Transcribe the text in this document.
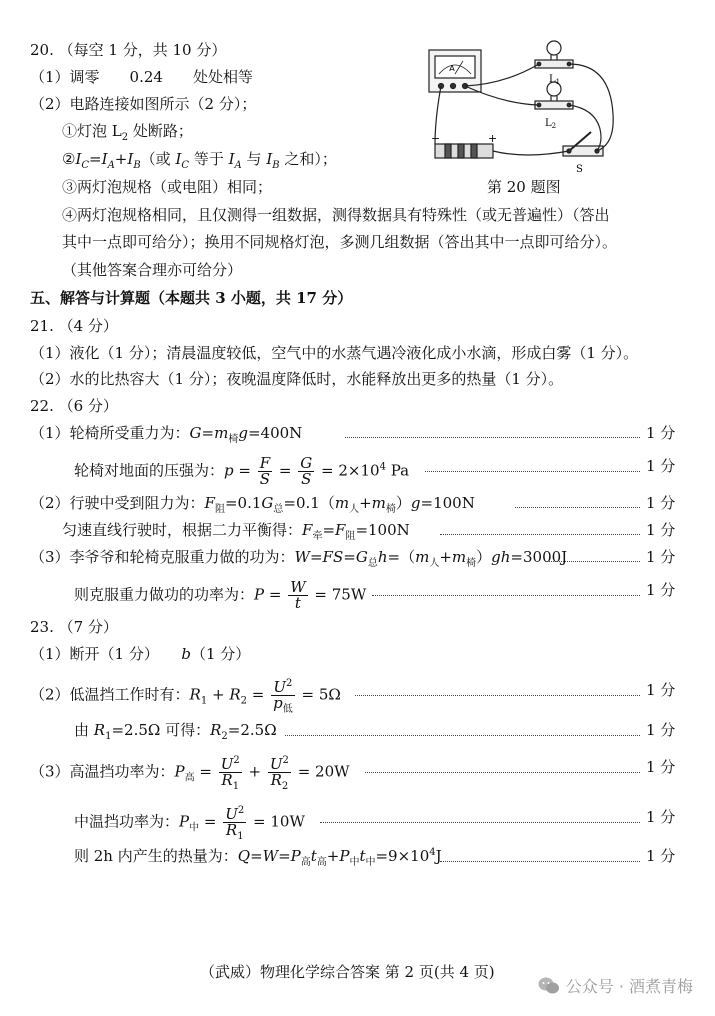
20. （每空 1 分，共 10 分）
（1）调零　　0.24　　处处相等
（2）电路连接如图所示（2 分）；
①灯泡 $L_2$ 处断路；
$②I_C=I_A+I_B$（或 $I_C$ 等于 $I_A$ 与 $I_B$ 之和）；
③两灯泡规格（或电阻）相同；
④两灯泡规格相同，且仅测得一组数据，测得数据具有特殊性（或无普遍性）（答出
其中一点即可给分）；换用不同规格灯泡，多测几组数据（答出其中一点即可给分）。
（其他答案合理亦可给分）
A
$L_1$
$L_2$
S
−	+
第 20 题图
五、解答与计算题（本题共 3 小题，共 17 分）
21. （4 分）
（1）液化（1 分）；清晨温度较低，空气中的水蒸气遇冷液化成小水滴，形成白雾（1 分）。
（2）水的比热容大（1 分）；夜晚温度降低时，水能释放出更多的热量（1 分）。
22. （6 分）
（1）轮椅所受重力为：$G=m_椅g=400N$	1 分
轮椅对地面的压强为：$p = \frac{F}{S} = \frac{G}{S} = 2\times 10^4$ Pa	1 分
（2）行驶中受到阻力为：$F_阻=0.1G_总=0.1(m_人+m_椅)g=100N$	1 分
匀速直线行驶时，根据二力平衡得：$F_牵=F_阻=100N$	1 分
（3）李爷爷和轮椅克服重力做的功为：$W=FS=G_总h=(m_人+m_椅)gh=3000J$	1 分
则克服重力做功的功率为：$P = \frac{W}{t} = 75W$	1 分
23. （7 分）
（1）断开（1 分）　　b（1 分）
（2）低温挡工作时有：$R_1 + R_2 = \frac{U^2}{p_低} = 5\Omega$	1 分
由 $R_1=2.5\Omega$ 可得：$R_2=2.5\Omega$	1 分
（3）高温挡功率为：$P_高 = \frac{U^2}{R_1} + \frac{U^2}{R_2} = 20W$	1 分
中温挡功率为：$P_中 = \frac{U^2}{R_1} = 10W$	1 分
则 2h 内产生的热量为：$Q=W=P_高t_高+P_中t_中=9\times 10^4J$	1 分
（武威）物理化学综合答案 第 2 页(共 4 页)
公众号 · 酒煮青梅
